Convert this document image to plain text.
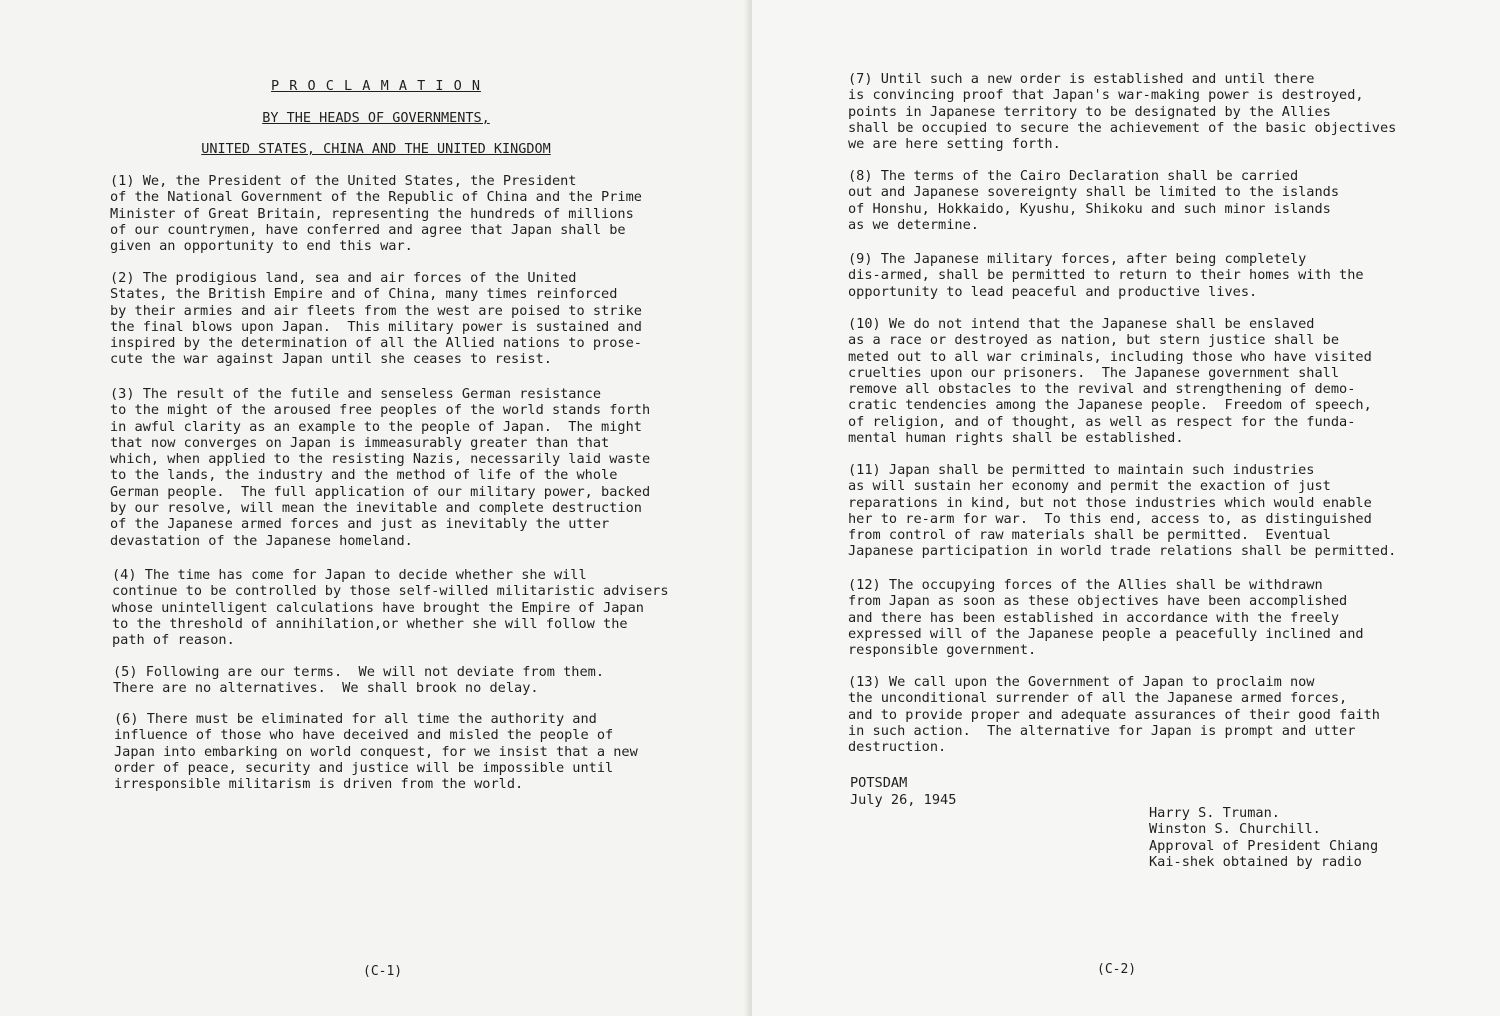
P R O C L A M A T I O N
BY THE HEADS OF GOVERNMENTS,
UNITED STATES, CHINA AND THE UNITED KINGDOM
(1) We, the President of the United States, the President
of the National Government of the Republic of China and the Prime
Minister of Great Britain, representing the hundreds of millions
of our countrymen, have conferred and agree that Japan shall be
given an opportunity to end this war.
(2) The prodigious land, sea and air forces of the United
States, the British Empire and of China, many times reinforced
by their armies and air fleets from the west are poised to strike
the final blows upon Japan.  This military power is sustained and
inspired by the determination of all the Allied nations to prose-
cute the war against Japan until she ceases to resist.
(3) The result of the futile and senseless German resistance
to the might of the aroused free peoples of the world stands forth
in awful clarity as an example to the people of Japan.  The might
that now converges on Japan is immeasurably greater than that
which, when applied to the resisting Nazis, necessarily laid waste
to the lands, the industry and the method of life of the whole
German people.  The full application of our military power, backed
by our resolve, will mean the inevitable and complete destruction
of the Japanese armed forces and just as inevitably the utter
devastation of the Japanese homeland.
(4) The time has come for Japan to decide whether she will
continue to be controlled by those self-willed militaristic advisers
whose unintelligent calculations have brought the Empire of Japan
to the threshold of annihilation,or whether she will follow the
path of reason.
(5) Following are our terms.  We will not deviate from them.
There are no alternatives.  We shall brook no delay.
(6) There must be eliminated for all time the authority and
influence of those who have deceived and misled the people of
Japan into embarking on world conquest, for we insist that a new
order of peace, security and justice will be impossible until
irresponsible militarism is driven from the world.
(C-1)
(7) Until such a new order is established and until there
is convincing proof that Japan's war-making power is destroyed,
points in Japanese territory to be designated by the Allies
shall be occupied to secure the achievement of the basic objectives
we are here setting forth.
(8) The terms of the Cairo Declaration shall be carried
out and Japanese sovereignty shall be limited to the islands
of Honshu, Hokkaido, Kyushu, Shikoku and such minor islands
as we determine.
(9) The Japanese military forces, after being completely
dis-armed, shall be permitted to return to their homes with the
opportunity to lead peaceful and productive lives.
(10) We do not intend that the Japanese shall be enslaved
as a race or destroyed as nation, but stern justice shall be
meted out to all war criminals, including those who have visited
cruelties upon our prisoners.  The Japanese government shall
remove all obstacles to the revival and strengthening of demo-
cratic tendencies among the Japanese people.  Freedom of speech,
of religion, and of thought, as well as respect for the funda-
mental human rights shall be established.
(11) Japan shall be permitted to maintain such industries
as will sustain her economy and permit the exaction of just
reparations in kind, but not those industries which would enable
her to re-arm for war.  To this end, access to, as distinguished
from control of raw materials shall be permitted.  Eventual
Japanese participation in world trade relations shall be permitted.
(12) The occupying forces of the Allies shall be withdrawn
from Japan as soon as these objectives have been accomplished
and there has been established in accordance with the freely
expressed will of the Japanese people a peacefully inclined and
responsible government.
(13) We call upon the Government of Japan to proclaim now
the unconditional surrender of all the Japanese armed forces,
and to provide proper and adequate assurances of their good faith
in such action.  The alternative for Japan is prompt and utter
destruction.
POTSDAM
July 26, 1945
Harry S. Truman.
Winston S. Churchill.
Approval of President Chiang
Kai-shek obtained by radio
(C-2)
